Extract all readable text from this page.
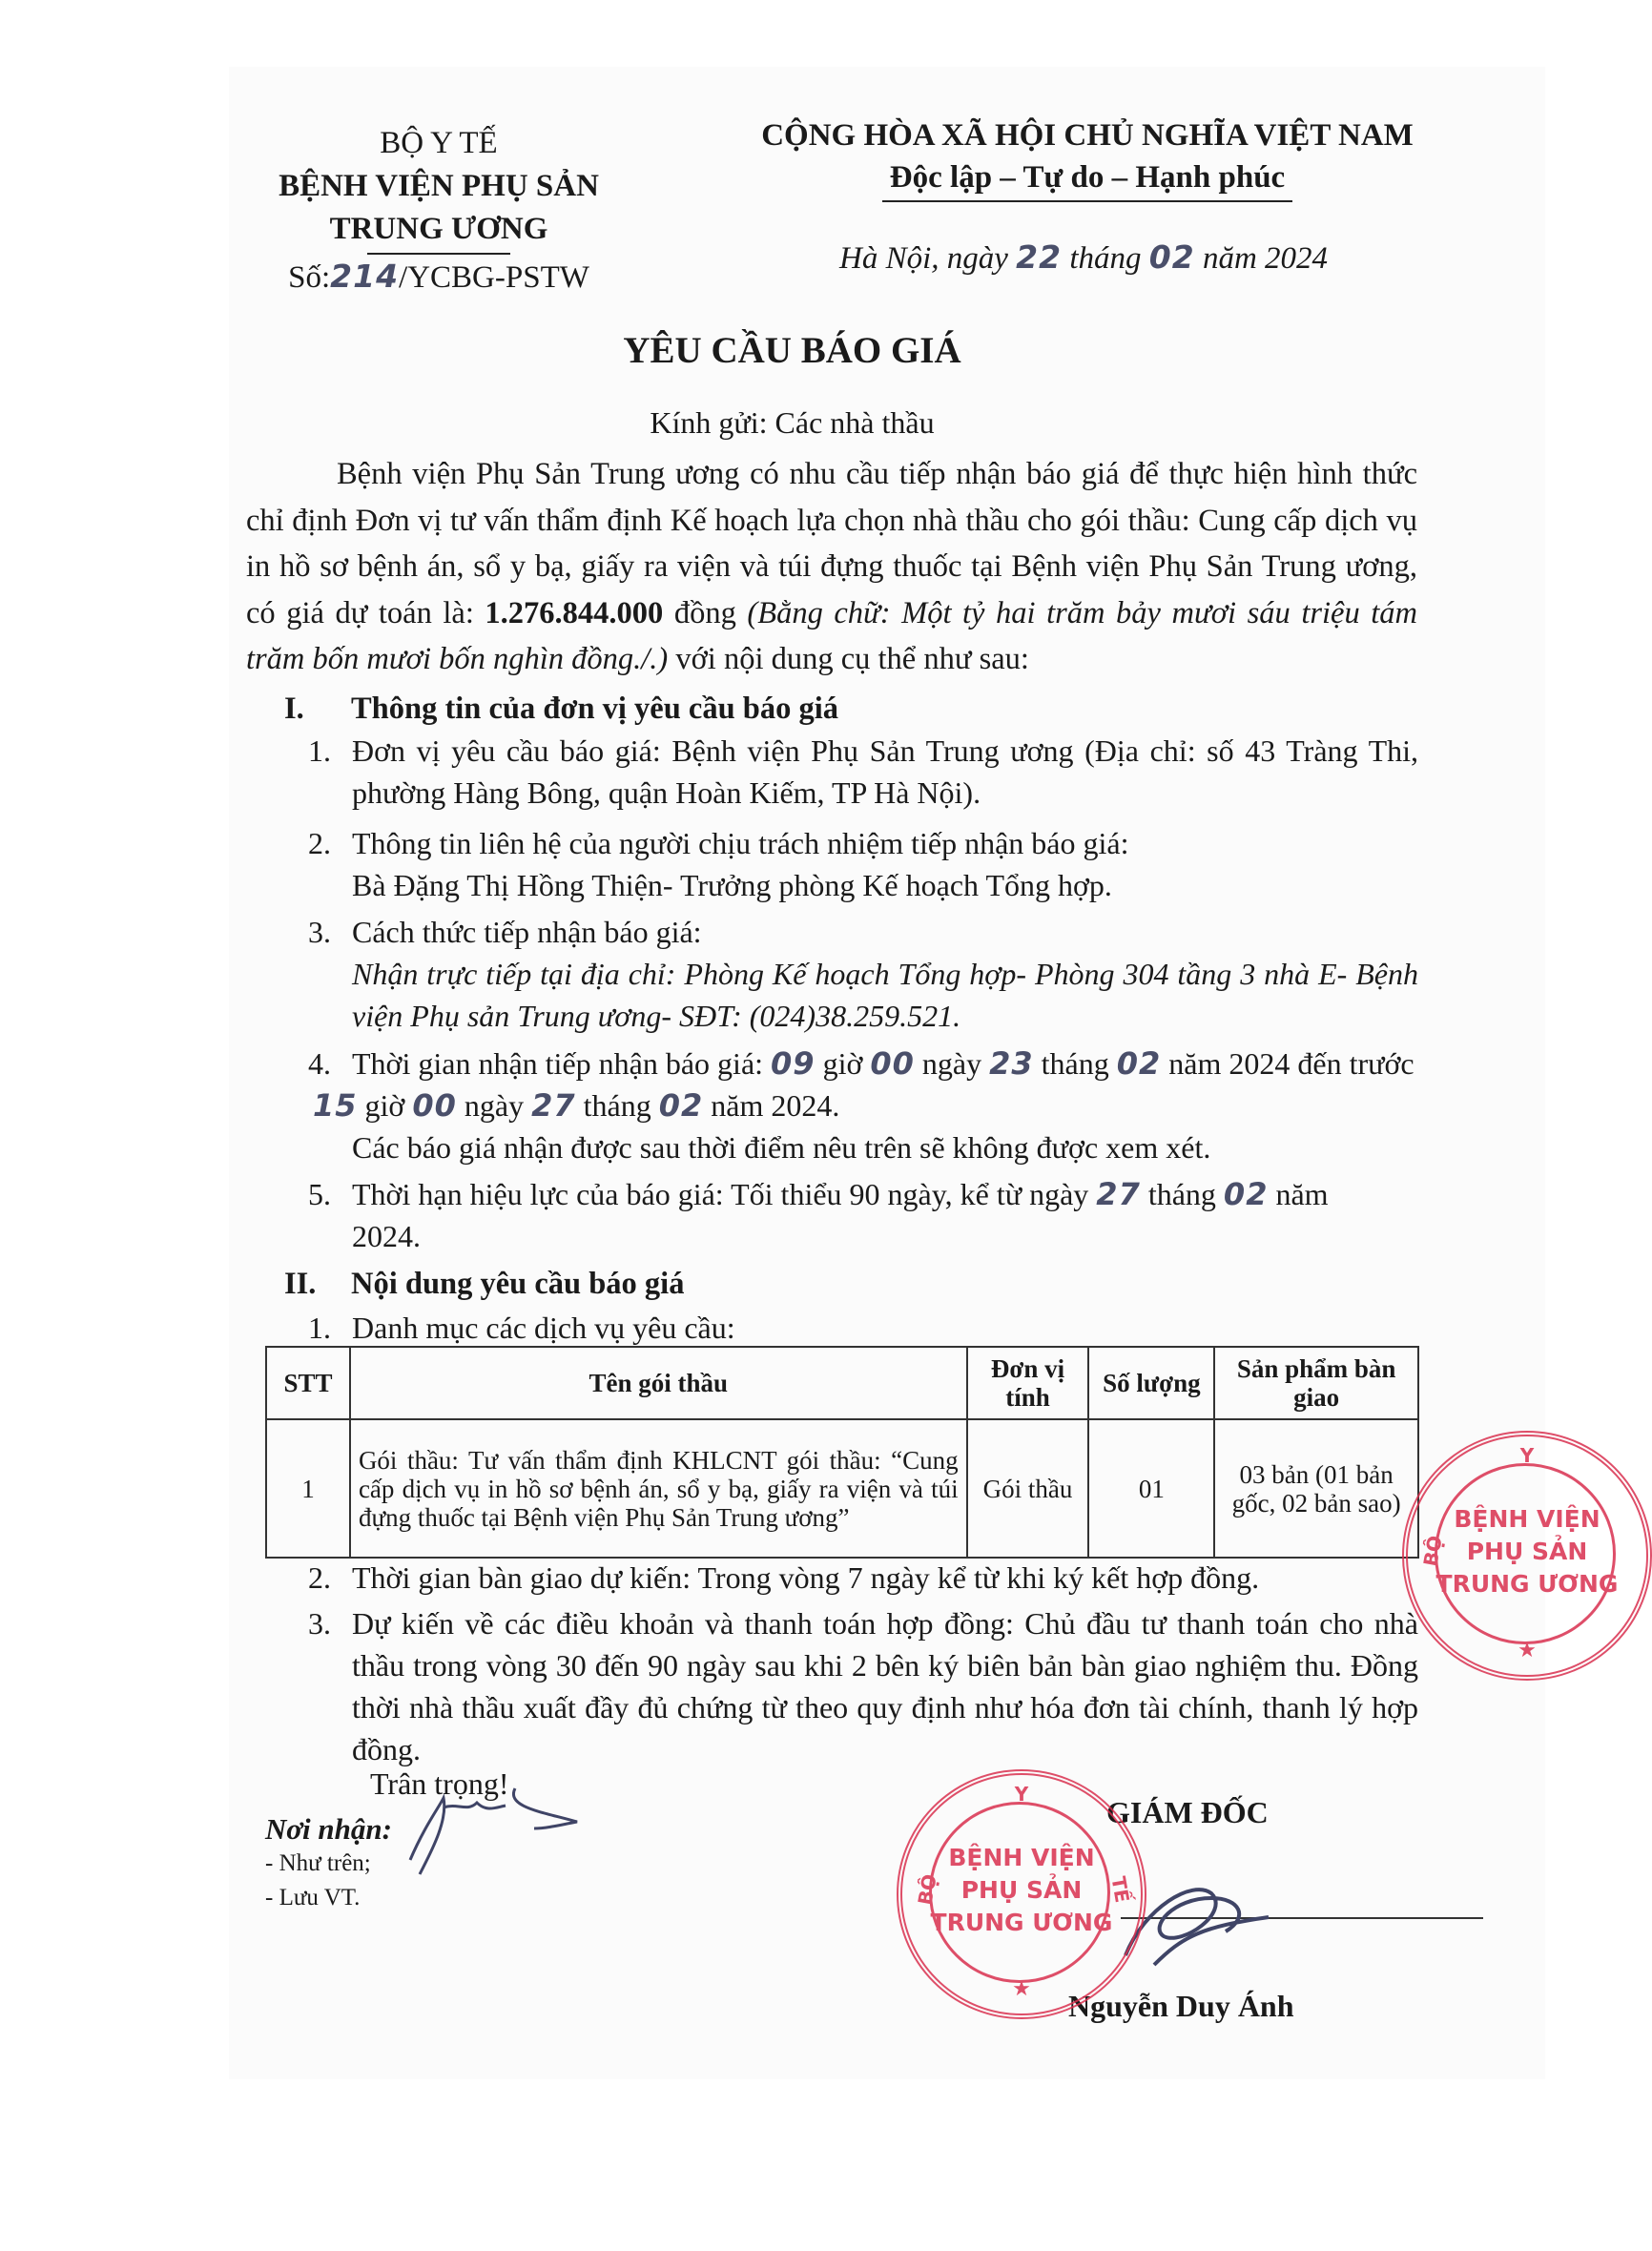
BỘ Y TẾ
BỆNH VIỆN PHỤ SẢN
TRUNG ƯƠNG
Số:214/YCBG-PSTW
CỘNG HÒA XÃ HỘI CHỦ NGHĨA VIỆT NAM
Độc lập – Tự do – Hạnh phúc
Hà Nội, ngày 22 tháng 02 năm 2024
YÊU CẦU BÁO GIÁ
Kính gửi: Các nhà thầu
Bệnh viện Phụ Sản Trung ương có nhu cầu tiếp nhận báo giá để thực hiện hình thức chỉ định Đơn vị tư vấn thẩm định Kế hoạch lựa chọn nhà thầu cho gói thầu: Cung cấp dịch vụ in hồ sơ bệnh án, sổ y bạ, giấy ra viện và túi đựng thuốc tại Bệnh viện Phụ Sản Trung ương, có giá dự toán là: 1.276.844.000 đồng (Bằng chữ: Một tỷ hai trăm bảy mươi sáu triệu tám trăm bốn mươi bốn nghìn đồng./.) với nội dung cụ thể như sau:
I.	Thông tin của đơn vị yêu cầu báo giá
1. Đơn vị yêu cầu báo giá: Bệnh viện Phụ Sản Trung ương (Địa chỉ: số 43 Tràng Thi, phường Hàng Bông, quận Hoàn Kiếm, TP Hà Nội).
2. Thông tin liên hệ của người chịu trách nhiệm tiếp nhận báo giá:
Bà Đặng Thị Hồng Thiện- Trưởng phòng Kế hoạch Tổng hợp.
3. Cách thức tiếp nhận báo giá:
Nhận trực tiếp tại địa chỉ: Phòng Kế hoạch Tổng hợp- Phòng 304 tầng 3 nhà E- Bệnh viện Phụ sản Trung ương- SĐT: (024)38.259.521.
4. Thời gian nhận tiếp nhận báo giá: 09 giờ 00 ngày 23 tháng 02 năm 2024 đến trước
15 giờ 00 ngày 27 tháng 02 năm 2024.
Các báo giá nhận được sau thời điểm nêu trên sẽ không được xem xét.
5. Thời hạn hiệu lực của báo giá: Tối thiểu 90 ngày, kể từ ngày 27 tháng 02 năm
2024.
II.	Nội dung yêu cầu báo giá
1. Danh mục các dịch vụ yêu cầu:
STT	Tên gói thầu	Đơn vị tính	Số lượng	Sản phẩm bàn giao
1	Gói thầu: Tư vấn thẩm định KHLCNT gói thầu: “Cung cấp dịch vụ in hồ sơ bệnh án, sổ y bạ, giấy ra viện và túi đựng thuốc tại Bệnh viện Phụ Sản Trung ương”	Gói thầu	01	03 bản (01 bản gốc, 02 bản sao)
2. Thời gian bàn giao dự kiến: Trong vòng 7 ngày kể từ khi ký kết hợp đồng.
3. Dự kiến về các điều khoản và thanh toán hợp đồng: Chủ đầu tư thanh toán cho nhà thầu trong vòng 30 đến 90 ngày sau khi 2 bên ký biên bản bàn giao nghiệm thu. Đồng thời nhà thầu xuất đầy đủ chứng từ theo quy định như hóa đơn tài chính, thanh lý hợp đồng.
Trân trọng!
Nơi nhận:
- Như trên;
- Lưu VT.
GIÁM ĐỐC
Nguyễn Duy Ánh
Y
BỘ	TẾ
BỆNH VIỆN
PHỤ SẢN
TRUNG ƯƠNG
★
Y
BỘ
BỆNH VIỆN
PHỤ SẢN
TRUNG ƯƠNG
★
